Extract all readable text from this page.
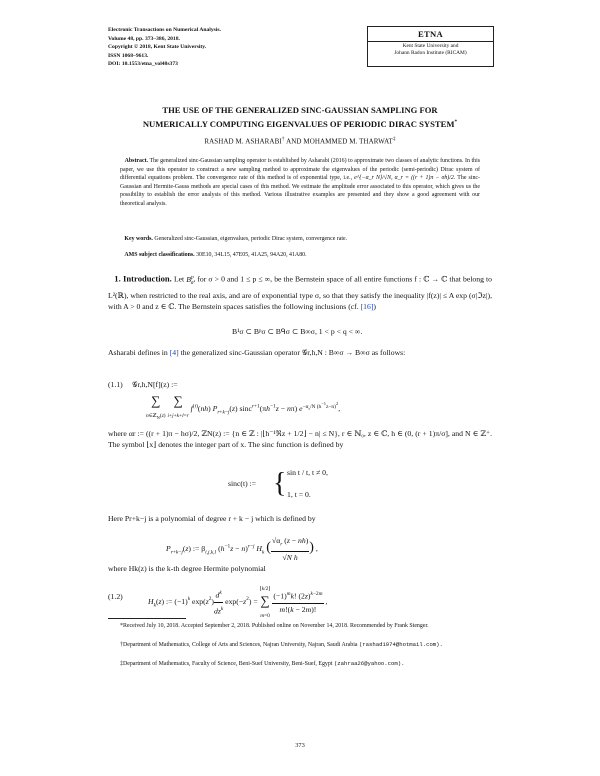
Electronic Transactions on Numerical Analysis.
Volume 48, pp. 373–386, 2018.
Copyright © 2018, Kent State University.
ISSN 1068–9613.
DOI: 10.1553/etna_vol48s373
ETNA
Kent State University and
Johann Radon Institute (RICAM)
THE USE OF THE GENERALIZED SINC-GAUSSIAN SAMPLING FOR
NUMERICALLY COMPUTING EIGENVALUES OF PERIODIC DIRAC SYSTEM*
RASHAD M. ASHARABI† AND MOHAMMED M. THARWAT‡
Abstract. The generalized sinc-Gaussian sampling operator is established by Asharabi (2016) to approximate two classes of analytic functions. In this paper, we use this operator to construct a new sampling method to approximate the eigenvalues of the periodic (semi-periodic) Dirac system of differential equations problem. The convergence rate of this method is of exponential type, i.e., e^{−α_r N}/√N, α_r = ((r + 1)π − σh)/2. The sinc-Gaussian and Hermite-Gauss methods are special cases of this method. We estimate the amplitude error associated to this operator, which gives us the possibility to establish the error analysis of this method. Various illustrative examples are presented and they show a good agreement with our theoretical analysis.
Key words. Generalized sinc-Gaussian, eigenvalues, periodic Dirac system, convergence rate.
AMS subject classifications. 30E10, 34L15, 47E05, 41A25, 94A20, 41A80.
1. Introduction. Let $B^p_\sigma$, for σ > 0 and 1 ≤ p ≤ ∞, be the Bernstein space of all entire functions f : ℂ → ℂ that belong to L²(ℝ), when restricted to the real axis, and are of exponential type σ, so that they satisfy the inequality |f(z)| ≤ A exp (σ|ℑz|), with A > 0 and z ∈ ℂ. The Bernstein spaces satisfies the following inclusions (cf. [16])
B¹σ ⊂ Bᵖσ ⊂ Bᑫσ ⊂ B∞σ, 1 < p < q < ∞.
Asharabi defines in [4] the generalized sinc-Gaussian operator 𝒢r,h,N : B∞σ → B∞σ as follows:
(1.1) 𝒢r,h,N[f](z) :=
∑
n∈ℤ$_N$(z) ∑
i+j+k+l=r $f^{(i)}(nh)$ $P_{r+k-j}(z) \sin c^{r+1}(\pi h^{-1}z - n\pi)$ $e^{-\alpha_r/N (h^{-1}z-n)^2}$,
where αr := ((r + 1)π − hσ)/2, ℤN(z) := {n ∈ ℤ : |⌊h⁻¹ℜz + 1/2⌋ − n| ≤ N}, r ∈ ℕ₀, z ∈ ℂ, h ∈ (0, (r + 1)π/σ], and N ∈ ℤ⁺. The symbol ⌊x⌋ denotes the integer part of x. The sinc function is defined by
sinc(t) := { sin t / t, t ≠ 0,
1, t = 0.
Here Pr+k−j is a polynomial of degree r + k − j which is defined by
$P_{r+k-j}(z)$ := $\beta_{i,j,k,l}$ $(h^{-1}z - n)^{r-j}$ $H_k$ ( $\frac{√\alpha_r (z - nh)}{\text{√N h}}$ ) ,
where Hk(z) is the k-th degree Hermite polynomial
(1.2)
$H_k(z)$ := $(-1)^k$ $\exp(z^2) \frac{d^k}{dz^k} \exp(-z^2)$ = ⌊k/2⌋
∑
m=0
$\frac{(-1)^mk! (2z)^{k-2m}}{m!(k - 2m)!}$ ,
*Received July 10, 2018. Accepted September 2, 2018. Published online on November 14, 2018. Recommended by Frank Stenger.
†Department of Mathematics, College of Arts and Sciences, Najran University, Najran, Saudi Arabia (rashad1974@hotmail.com).
‡Department of Mathematics, Faculty of Science, Beni-Suef University, Beni-Suef, Egypt (zahraa26@yahoo.com).
373
